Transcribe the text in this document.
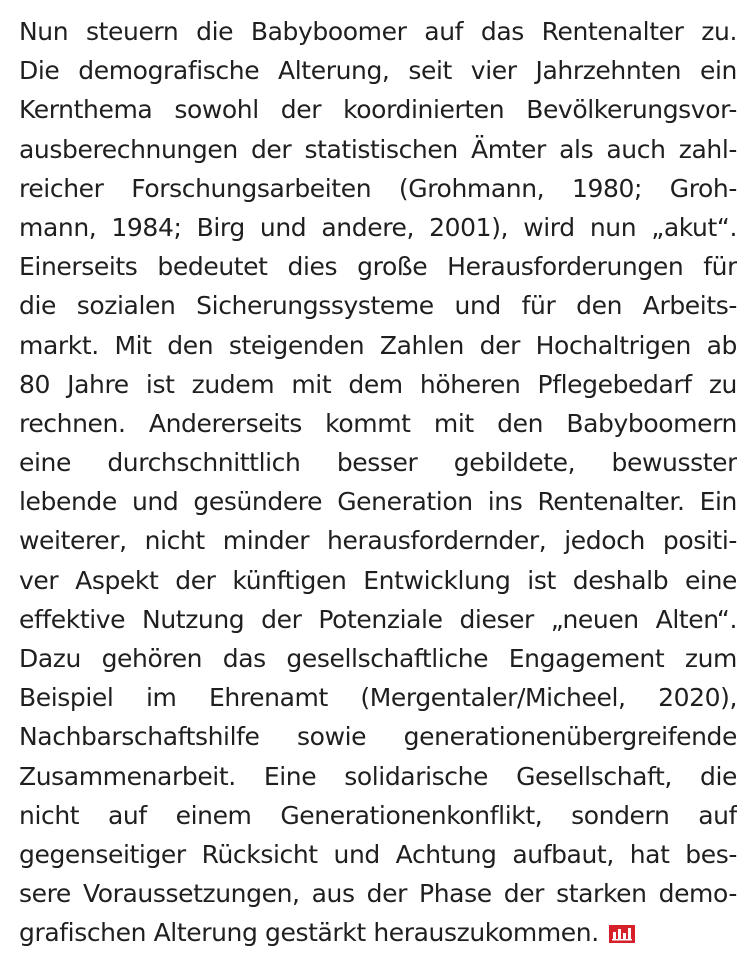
Nun steuern die Babyboomer auf das Rentenalter zu.
Die demografische Alterung, seit vier Jahrzehnten ein
Kernthema sowohl der koordinierten Bevölkerungsvor-
ausberechnungen der statistischen Ämter als auch zahl-
reicher Forschungsarbeiten (Grohmann, 1980; Groh-
mann, 1984; Birg und andere, 2001), wird nun „akut“.
Einerseits bedeutet dies große Herausforderungen für
die sozialen Sicherungssysteme und für den Arbeits-
markt. Mit den steigenden Zahlen der Hochaltrigen ab
80 Jahre ist zudem mit dem höheren Pflegebedarf zu
rechnen. Andererseits kommt mit den Babyboomern
eine durchschnittlich besser gebildete, bewusster
lebende und gesündere Generation ins Rentenalter. Ein
weiterer, nicht minder herausfordernder, jedoch positi-
ver Aspekt der künftigen Entwicklung ist deshalb eine
effektive Nutzung der Potenziale dieser „neuen Alten“.
Dazu gehören das gesellschaftliche Engagement zum
Beispiel im Ehrenamt (Mergentaler/Micheel, 2020),
Nachbarschaftshilfe sowie generationenübergreifende
Zusammenarbeit. Eine solidarische Gesellschaft, die
nicht auf einem Generationenkonflikt, sondern auf
gegenseitiger Rücksicht und Achtung aufbaut, hat bes-
sere Voraussetzungen, aus der Phase der starken demo-
grafischen Alterung gestärkt herauszukommen.
